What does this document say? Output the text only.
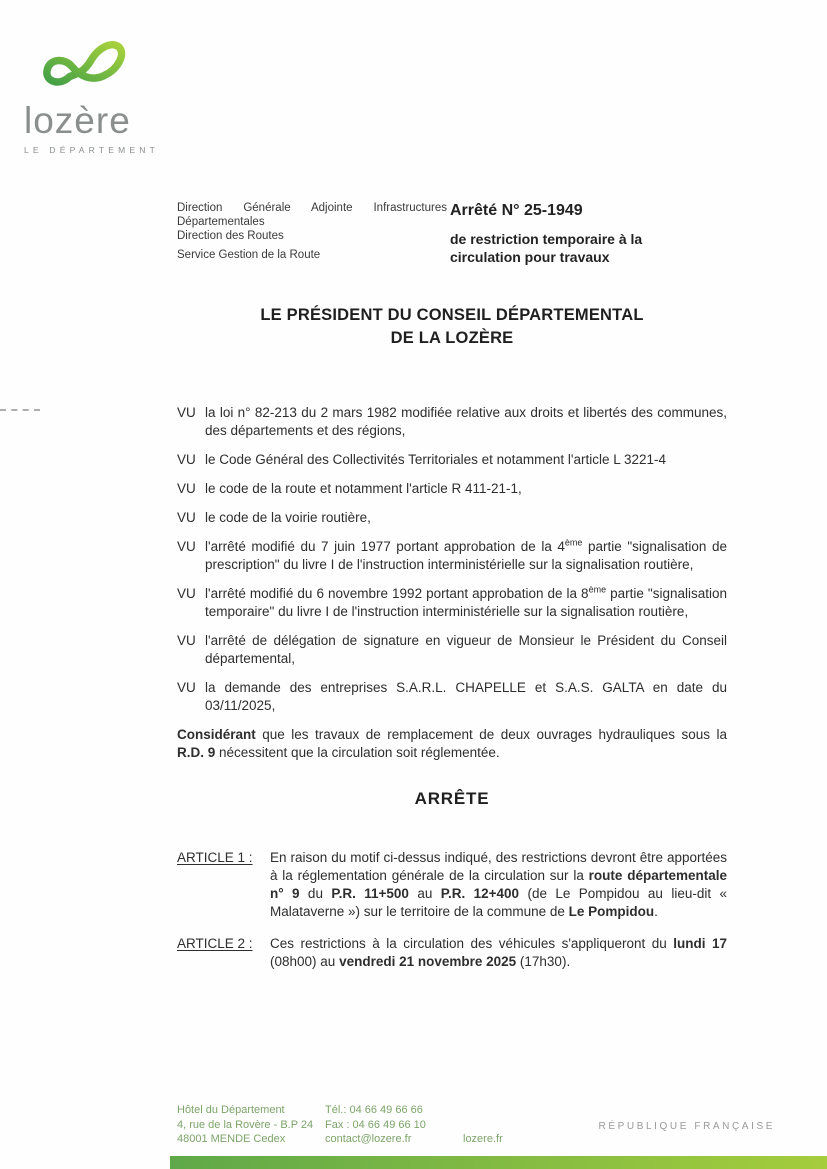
lozère
LE DÉPARTEMENT
Direction Générale Adjointe Infrastructures Départementales
Direction des Routes
Service Gestion de la Route
Arrêté N° 25-1949
de restriction temporaire à la circulation pour travaux
LE PRÉSIDENT DU CONSEIL DÉPARTEMENTAL
DE LA LOZÈRE
VU la loi n° 82-213 du 2 mars 1982 modifiée relative aux droits et libertés des communes, des départements et des régions,
VU le Code Général des Collectivités Territoriales et notamment l'article L 3221-4
VU le code de la route et notamment l'article R 411-21-1,
VU le code de la voirie routière,
VU l'arrêté modifié du 7 juin 1977 portant approbation de la 4ème partie "signalisation de prescription" du livre I de l'instruction interministérielle sur la signalisation routière,
VU l'arrêté modifié du 6 novembre 1992 portant approbation de la 8ème partie "signalisation temporaire" du livre I de l'instruction interministérielle sur la signalisation routière,
VU l'arrêté de délégation de signature en vigueur de Monsieur le Président du Conseil départemental,
VU la demande des entreprises S.A.R.L. CHAPELLE et S.A.S. GALTA en date du 03/11/2025,
Considérant que les travaux de remplacement de deux ouvrages hydrauliques sous la R.D. 9 nécessitent que la circulation soit réglementée.
ARRÊTE
ARTICLE 1 :	En raison du motif ci-dessus indiqué, des restrictions devront être apportées à la réglementation générale de la circulation sur la route départementale n° 9 du P.R. 11+500 au P.R. 12+400 (de Le Pompidou au lieu-dit « Malataverne ») sur le territoire de la commune de Le Pompidou.
ARTICLE 2 :	Ces restrictions à la circulation des véhicules s'appliqueront du lundi 17 (08h00) au vendredi 21 novembre 2025 (17h30).
Hôtel du Département
4, rue de la Rovère - B.P 24
48001 MENDE Cedex
Tél.: 04 66 49 66 66
Fax : 04 66 49 66 10
contact@lozere.fr	lozere.fr
RÉPUBLIQUE FRANÇAISE
